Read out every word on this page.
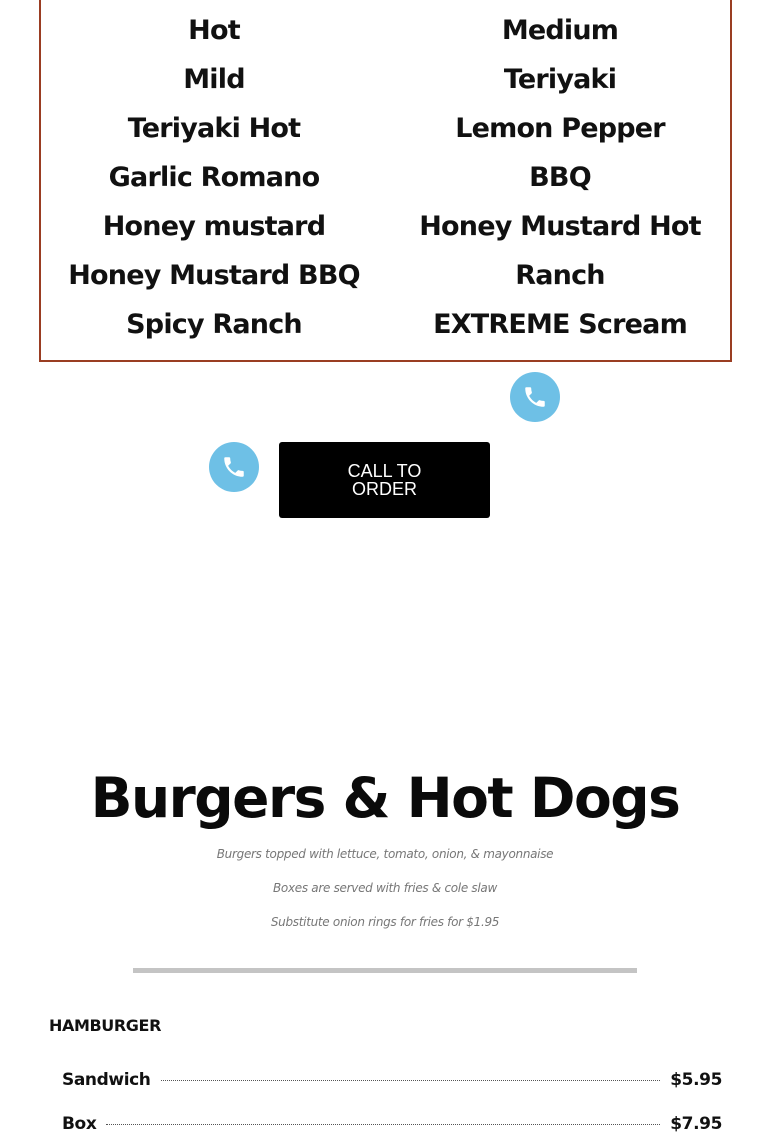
Hot
Mild
Teriyaki Hot
Garlic Romano
Honey mustard
Honey Mustard BBQ
Spicy Ranch
Medium
Teriyaki
Lemon Pepper
BBQ
Honey Mustard Hot
Ranch
EXTREME Scream
CALL TO ORDER
Burgers & Hot Dogs
Burgers topped with lettuce, tomato, onion, & mayonnaise
Boxes are served with fries & cole slaw
Substitute onion rings for fries for $1.95
HAMBURGER
Sandwich	$5.95
Box	$7.95
